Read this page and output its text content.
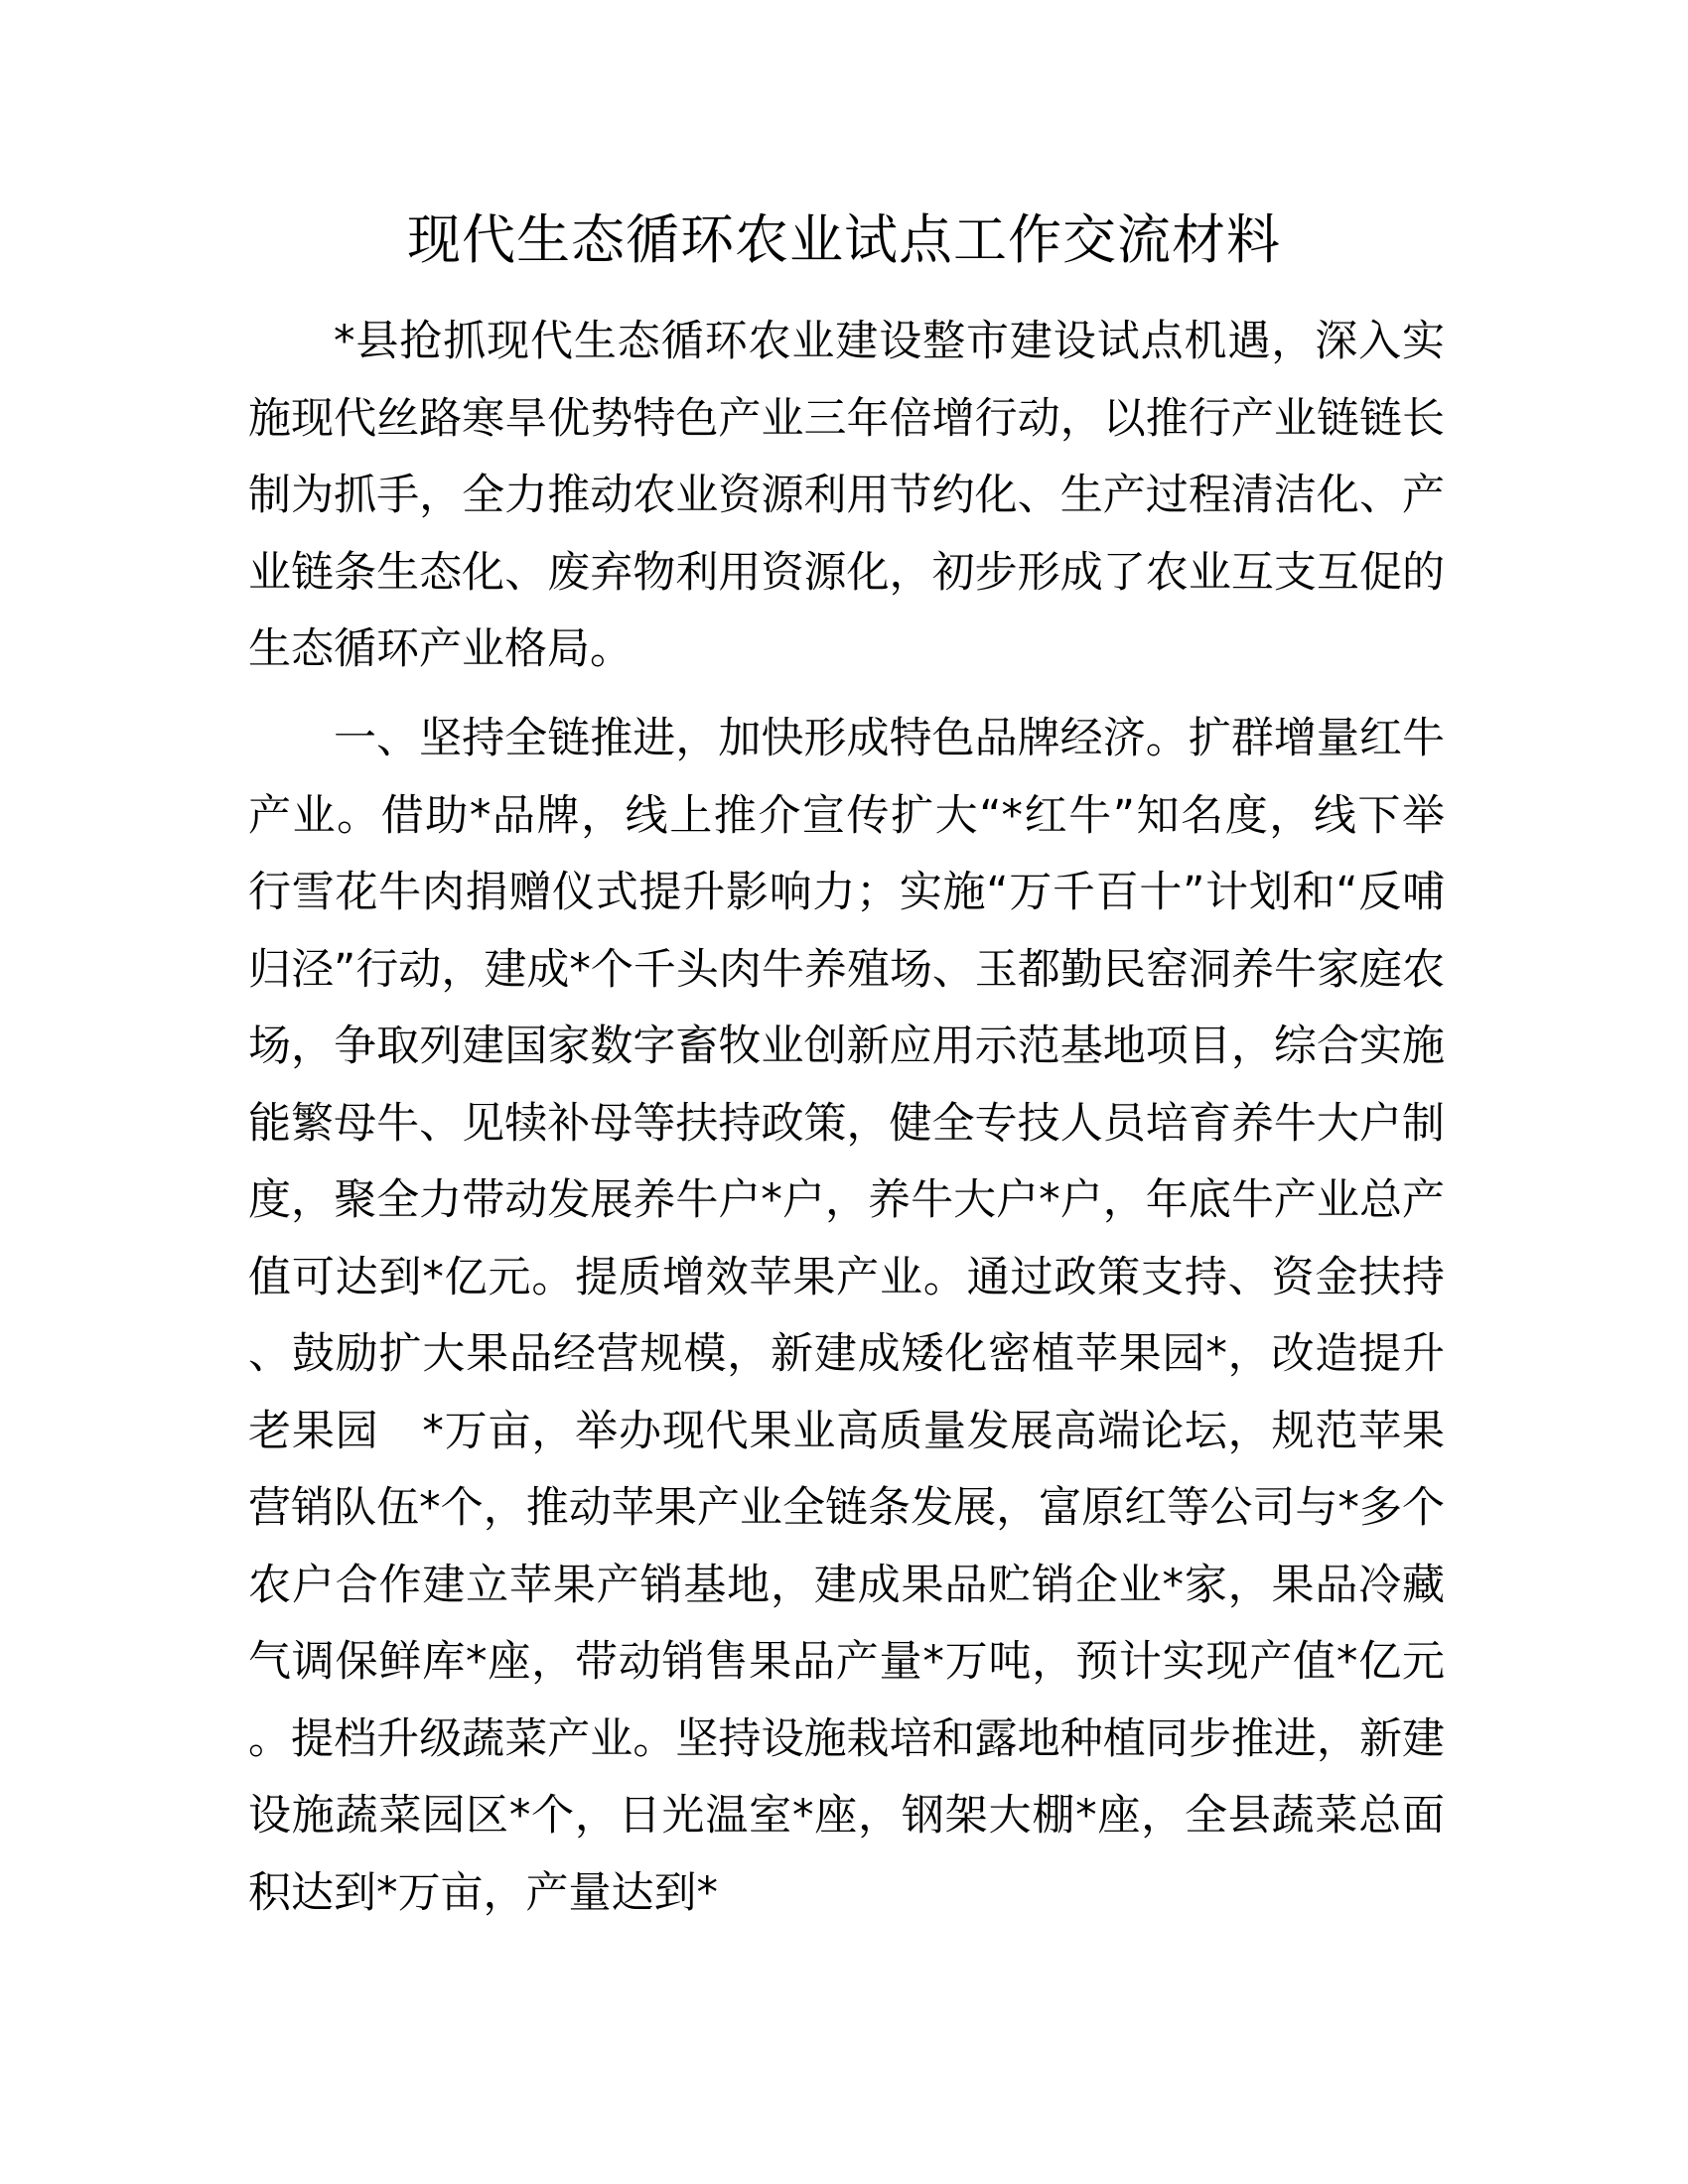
现代生态循环农业试点工作交流材料

*县抢抓现代生态循环农业建设整市建设试点机遇，深入实施现代丝路寒旱优势特色产业三年倍增行动，以推行产业链链长制为抓手，全力推动农业资源利用节约化、生产过程清洁化、产业链条生态化、废弃物利用资源化，初步形成了农业互支互促的生态循环产业格局。

一、坚持全链推进，加快形成特色品牌经济。扩群增量红牛产业。借助*品牌，线上推介宣传扩大“*红牛”知名度，线下举行雪花牛肉捐赠仪式提升影响力；实施“万千百十”计划和“反哺归泾”行动，建成*个千头肉牛养殖场、玉都勤民窑洞养牛家庭农场，争取列建国家数字畜牧业创新应用示范基地项目，综合实施能繁母牛、见犊补母等扶持政策，健全专技人员培育养牛大户制度，聚全力带动发展养牛户*户，养牛大户*户，年底牛产业总产值可达到*亿元。提质增效苹果产业。通过政策支持、资金扶持、鼓励扩大果品经营规模，新建成矮化密植苹果园*，改造提升老果园　*万亩，举办现代果业高质量发展高端论坛，规范苹果营销队伍*个，推动苹果产业全链条发展，富原红等公司与*多个农户合作建立苹果产销基地，建成果品贮销企业*家，果品冷藏气调保鲜库*座，带动销售果品产量*万吨，预计实现产值*亿元。提档升级蔬菜产业。坚持设施栽培和露地种植同步推进，新建设施蔬菜园区*个，日光温室*座，钢架大棚*座，全县蔬菜总面积达到*万亩，产量达到*
